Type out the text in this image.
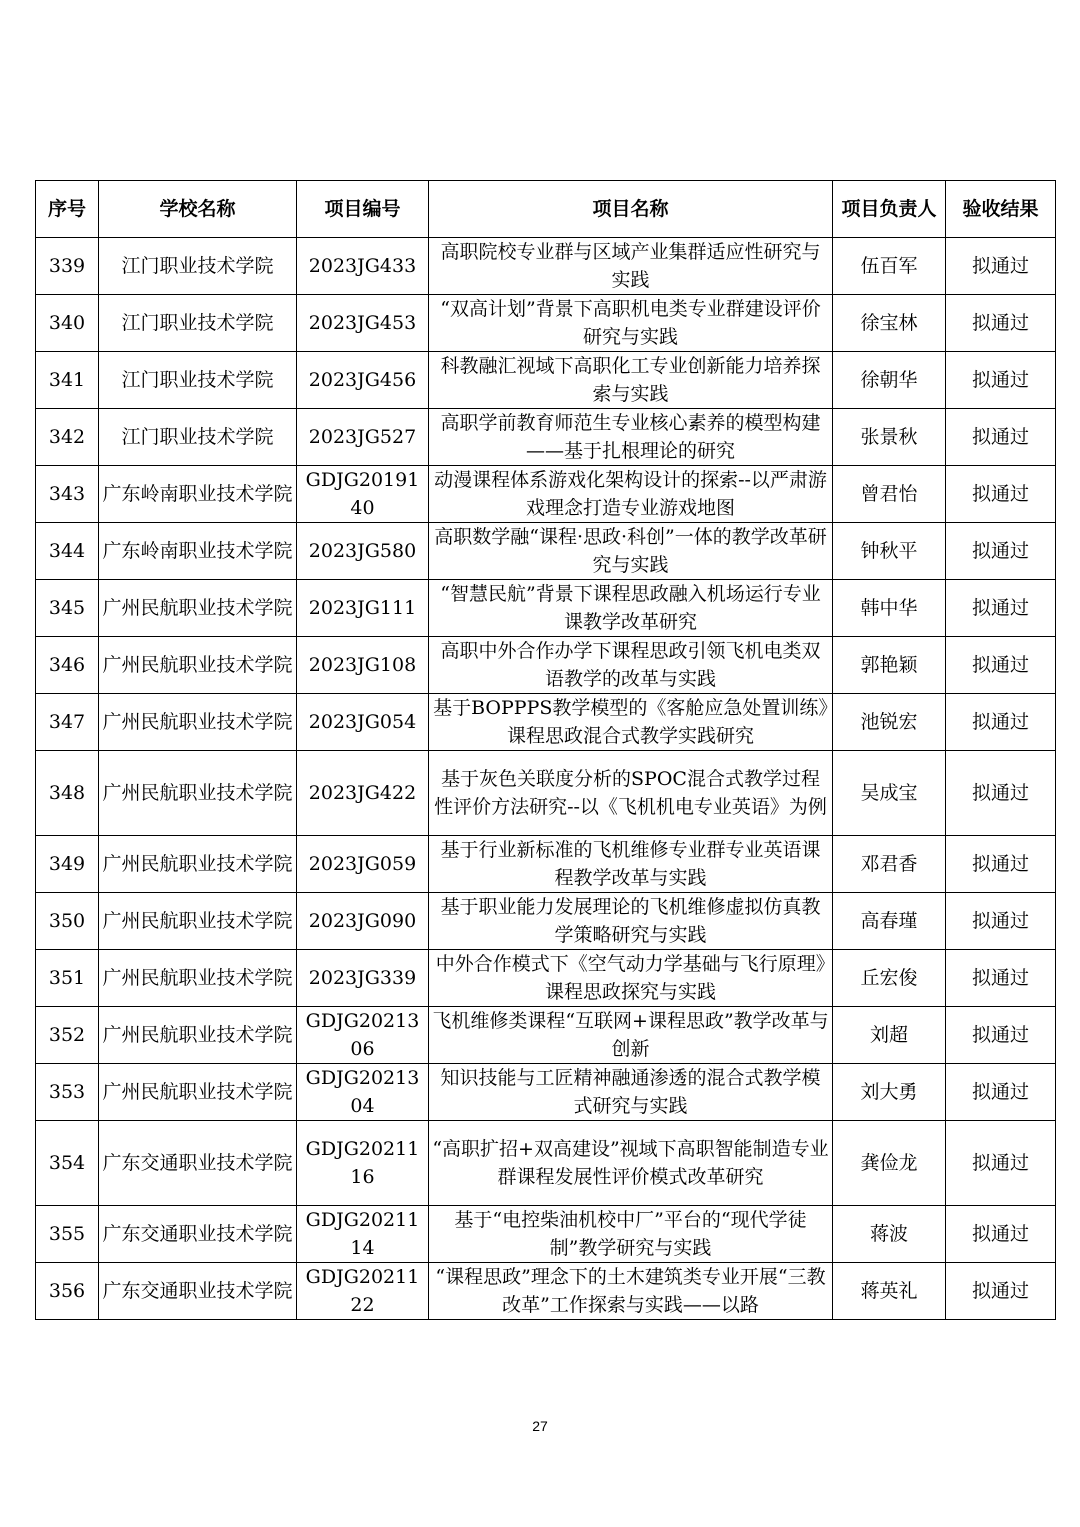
序号	学校名称	项目编号	项目名称	项目负责人	验收结果
339	江门职业技术学院	2023JG433	高职院校专业群与区域产业集群适应性研究与实践	伍百军	拟通过
340	江门职业技术学院	2023JG453	“双高计划”背景下高职机电类专业群建设评价研究与实践	徐宝林	拟通过
341	江门职业技术学院	2023JG456	科教融汇视域下高职化工专业创新能力培养探索与实践	徐朝华	拟通过
342	江门职业技术学院	2023JG527	高职学前教育师范生专业核心素养的模型构建——基于扎根理论的研究	张景秋	拟通过
343	广东岭南职业技术学院	GDJG2019140	动漫课程体系游戏化架构设计的探索--以严肃游戏理念打造专业游戏地图	曾君怡	拟通过
344	广东岭南职业技术学院	2023JG580	高职数学融“课程·思政·科创”一体的教学改革研究与实践	钟秋平	拟通过
345	广州民航职业技术学院	2023JG111	“智慧民航”背景下课程思政融入机场运行专业课教学改革研究	韩中华	拟通过
346	广州民航职业技术学院	2023JG108	高职中外合作办学下课程思政引领飞机电类双语教学的改革与实践	郭艳颖	拟通过
347	广州民航职业技术学院	2023JG054	基于BOPPPS教学模型的《客舱应急处置训练》课程思政混合式教学实践研究	池锐宏	拟通过
348	广州民航职业技术学院	2023JG422	基于灰色关联度分析的SPOC混合式教学过程性评价方法研究--以《飞机机电专业英语》为例	吴成宝	拟通过
349	广州民航职业技术学院	2023JG059	基于行业新标准的飞机维修专业群专业英语课程教学改革与实践	邓君香	拟通过
350	广州民航职业技术学院	2023JG090	基于职业能力发展理论的飞机维修虚拟仿真教学策略研究与实践	高春瑾	拟通过
351	广州民航职业技术学院	2023JG339	中外合作模式下《空气动力学基础与飞行原理》课程思政探究与实践	丘宏俊	拟通过
352	广州民航职业技术学院	GDJG2021306	飞机维修类课程“互联网+课程思政”教学改革与创新	刘超	拟通过
353	广州民航职业技术学院	GDJG2021304	知识技能与工匠精神融通渗透的混合式教学模式研究与实践	刘大勇	拟通过
354	广东交通职业技术学院	GDJG2021116	“高职扩招+双高建设”视域下高职智能制造专业群课程发展性评价模式改革研究	龚俭龙	拟通过
355	广东交通职业技术学院	GDJG2021114	基于“电控柴油机校中厂”平台的“现代学徒制”教学研究与实践	蒋波	拟通过
356	广东交通职业技术学院	GDJG2021122	“课程思政”理念下的土木建筑类专业开展“三教改革”工作探索与实践——以路	蒋英礼	拟通过
27
